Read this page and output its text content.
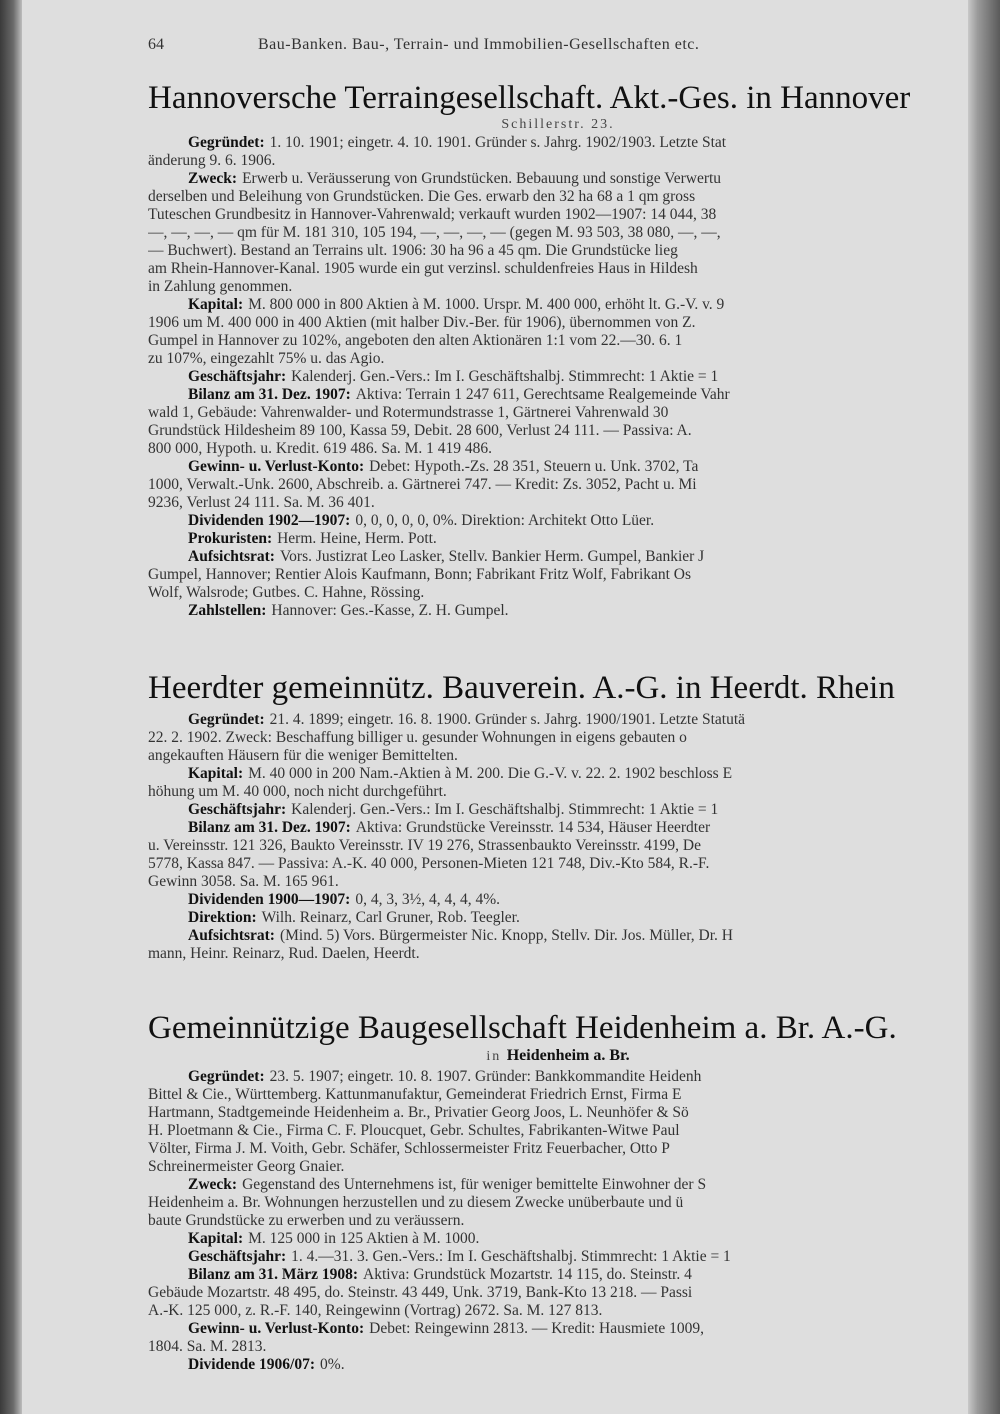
64	Bau-Banken. Bau-, Terrain- und Immobilien-Gesellschaften etc.
Hannoversche Terraingesellschaft. Akt.-Ges. in Hannover
Schillerstr. 23.
Gegründet: 1. 10. 1901; eingetr. 4. 10. 1901. Gründer s. Jahrg. 1902/1903. Letzte Stat
änderung 9. 6. 1906.
Zweck: Erwerb u. Veräusserung von Grundstücken. Bebauung und sonstige Verwertu
derselben und Beleihung von Grundstücken. Die Ges. erwarb den 32 ha 68 a 1 qm gross
Tuteschen Grundbesitz in Hannover-Vahrenwald; verkauft wurden 1902—1907: 14 044, 38
—, —, —, — qm für M. 181 310, 105 194, —, —, —, — (gegen M. 93 503, 38 080, —, —,
— Buchwert). Bestand an Terrains ult. 1906: 30 ha 96 a 45 qm. Die Grundstücke lieg
am Rhein-Hannover-Kanal. 1905 wurde ein gut verzinsl. schuldenfreies Haus in Hildesh
in Zahlung genommen.
Kapital: M. 800 000 in 800 Aktien à M. 1000. Urspr. M. 400 000, erhöht lt. G.-V. v. 9
1906 um M. 400 000 in 400 Aktien (mit halber Div.-Ber. für 1906), übernommen von Z.
Gumpel in Hannover zu 102%, angeboten den alten Aktionären 1:1 vom 22.—30. 6. 1
zu 107%, eingezahlt 75% u. das Agio.
Geschäftsjahr: Kalenderj. Gen.-Vers.: Im I. Geschäftshalbj. Stimmrecht: 1 Aktie = 1
Bilanz am 31. Dez. 1907: Aktiva: Terrain 1 247 611, Gerechtsame Realgemeinde Vahr
wald 1, Gebäude: Vahrenwalder- und Rotermundstrasse 1, Gärtnerei Vahrenwald 30
Grundstück Hildesheim 89 100, Kassa 59, Debit. 28 600, Verlust 24 111. — Passiva: A.
800 000, Hypoth. u. Kredit. 619 486. Sa. M. 1 419 486.
Gewinn- u. Verlust-Konto: Debet: Hypoth.-Zs. 28 351, Steuern u. Unk. 3702, Ta
1000, Verwalt.-Unk. 2600, Abschreib. a. Gärtnerei 747. — Kredit: Zs. 3052, Pacht u. Mi
9236, Verlust 24 111. Sa. M. 36 401.
Dividenden 1902—1907: 0, 0, 0, 0, 0, 0%. Direktion: Architekt Otto Lüer.
Prokuristen: Herm. Heine, Herm. Pott.
Aufsichtsrat: Vors. Justizrat Leo Lasker, Stellv. Bankier Herm. Gumpel, Bankier J
Gumpel, Hannover; Rentier Alois Kaufmann, Bonn; Fabrikant Fritz Wolf, Fabrikant Os
Wolf, Walsrode; Gutbes. C. Hahne, Rössing.
Zahlstellen: Hannover: Ges.-Kasse, Z. H. Gumpel.
Heerdter gemeinnütz. Bauverein. A.-G. in Heerdt. Rhein
Gegründet: 21. 4. 1899; eingetr. 16. 8. 1900. Gründer s. Jahrg. 1900/1901. Letzte Statutä
22. 2. 1902. Zweck: Beschaffung billiger u. gesunder Wohnungen in eigens gebauten o
angekauften Häusern für die weniger Bemittelten.
Kapital: M. 40 000 in 200 Nam.-Aktien à M. 200. Die G.-V. v. 22. 2. 1902 beschloss E
höhung um M. 40 000, noch nicht durchgeführt.
Geschäftsjahr: Kalenderj. Gen.-Vers.: Im I. Geschäftshalbj. Stimmrecht: 1 Aktie = 1
Bilanz am 31. Dez. 1907: Aktiva: Grundstücke Vereinsstr. 14 534, Häuser Heerdter
u. Vereinsstr. 121 326, Baukto Vereinsstr. IV 19 276, Strassenbaukto Vereinsstr. 4199, De
5778, Kassa 847. — Passiva: A.-K. 40 000, Personen-Mieten 121 748, Div.-Kto 584, R.-F.
Gewinn 3058. Sa. M. 165 961.
Dividenden 1900—1907: 0, 4, 3, 3½, 4, 4, 4, 4%.
Direktion: Wilh. Reinarz, Carl Gruner, Rob. Teegler.
Aufsichtsrat: (Mind. 5) Vors. Bürgermeister Nic. Knopp, Stellv. Dir. Jos. Müller, Dr. H
mann, Heinr. Reinarz, Rud. Daelen, Heerdt.
Gemeinnützige Baugesellschaft Heidenheim a. Br. A.-G.
in Heidenheim a. Br.
Gegründet: 23. 5. 1907; eingetr. 10. 8. 1907. Gründer: Bankkommandite Heidenh
Bittel & Cie., Württemberg. Kattunmanufaktur, Gemeinderat Friedrich Ernst, Firma E
Hartmann, Stadtgemeinde Heidenheim a. Br., Privatier Georg Joos, L. Neunhöfer & Sö
H. Ploetmann & Cie., Firma C. F. Ploucquet, Gebr. Schultes, Fabrikanten-Witwe Paul
Völter, Firma J. M. Voith, Gebr. Schäfer, Schlossermeister Fritz Feuerbacher, Otto P
Schreinermeister Georg Gnaier.
Zweck: Gegenstand des Unternehmens ist, für weniger bemittelte Einwohner der S
Heidenheim a. Br. Wohnungen herzustellen und zu diesem Zwecke unüberbaute und ü
baute Grundstücke zu erwerben und zu veräussern.
Kapital: M. 125 000 in 125 Aktien à M. 1000.
Geschäftsjahr: 1. 4.—31. 3. Gen.-Vers.: Im I. Geschäftshalbj. Stimmrecht: 1 Aktie = 1
Bilanz am 31. März 1908: Aktiva: Grundstück Mozartstr. 14 115, do. Steinstr. 4
Gebäude Mozartstr. 48 495, do. Steinstr. 43 449, Unk. 3719, Bank-Kto 13 218. — Passi
A.-K. 125 000, z. R.-F. 140, Reingewinn (Vortrag) 2672. Sa. M. 127 813.
Gewinn- u. Verlust-Konto: Debet: Reingewinn 2813. — Kredit: Hausmiete 1009,
1804. Sa. M. 2813.
Dividende 1906/07: 0%.
